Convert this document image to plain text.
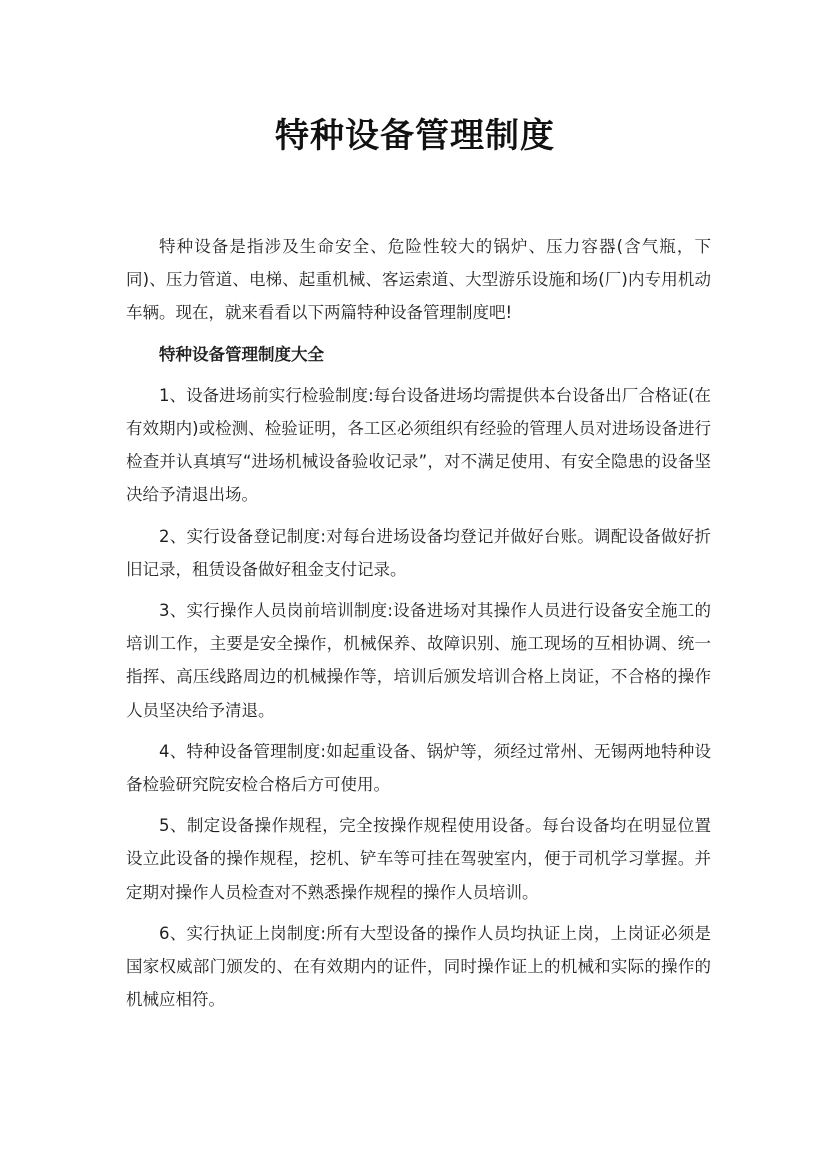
特种设备管理制度

特种设备是指涉及生命安全、危险性较大的锅炉、压力容器(含气瓶，下同)、压力管道、电梯、起重机械、客运索道、大型游乐设施和场(厂)内专用机动车辆。现在，就来看看以下两篇特种设备管理制度吧!

特种设备管理制度大全

1、设备进场前实行检验制度:每台设备进场均需提供本台设备出厂合格证(在有效期内)或检测、检验证明，各工区必须组织有经验的管理人员对进场设备进行检查并认真填写“进场机械设备验收记录”，对不满足使用、有安全隐患的设备坚决给予清退出场。

2、实行设备登记制度:对每台进场设备均登记并做好台账。调配设备做好折旧记录，租赁设备做好租金支付记录。

3、实行操作人员岗前培训制度:设备进场对其操作人员进行设备安全施工的培训工作，主要是安全操作，机械保养、故障识别、施工现场的互相协调、统一指挥、高压线路周边的机械操作等，培训后颁发培训合格上岗证，不合格的操作人员坚决给予清退。

4、特种设备管理制度:如起重设备、锅炉等，须经过常州、无锡两地特种设备检验研究院安检合格后方可使用。

5、制定设备操作规程，完全按操作规程使用设备。每台设备均在明显位置设立此设备的操作规程，挖机、铲车等可挂在驾驶室内，便于司机学习掌握。并定期对操作人员检查对不熟悉操作规程的操作人员培训。

6、实行执证上岗制度:所有大型设备的操作人员均执证上岗，上岗证必须是国家权威部门颁发的、在有效期内的证件，同时操作证上的机械和实际的操作的机械应相符。
